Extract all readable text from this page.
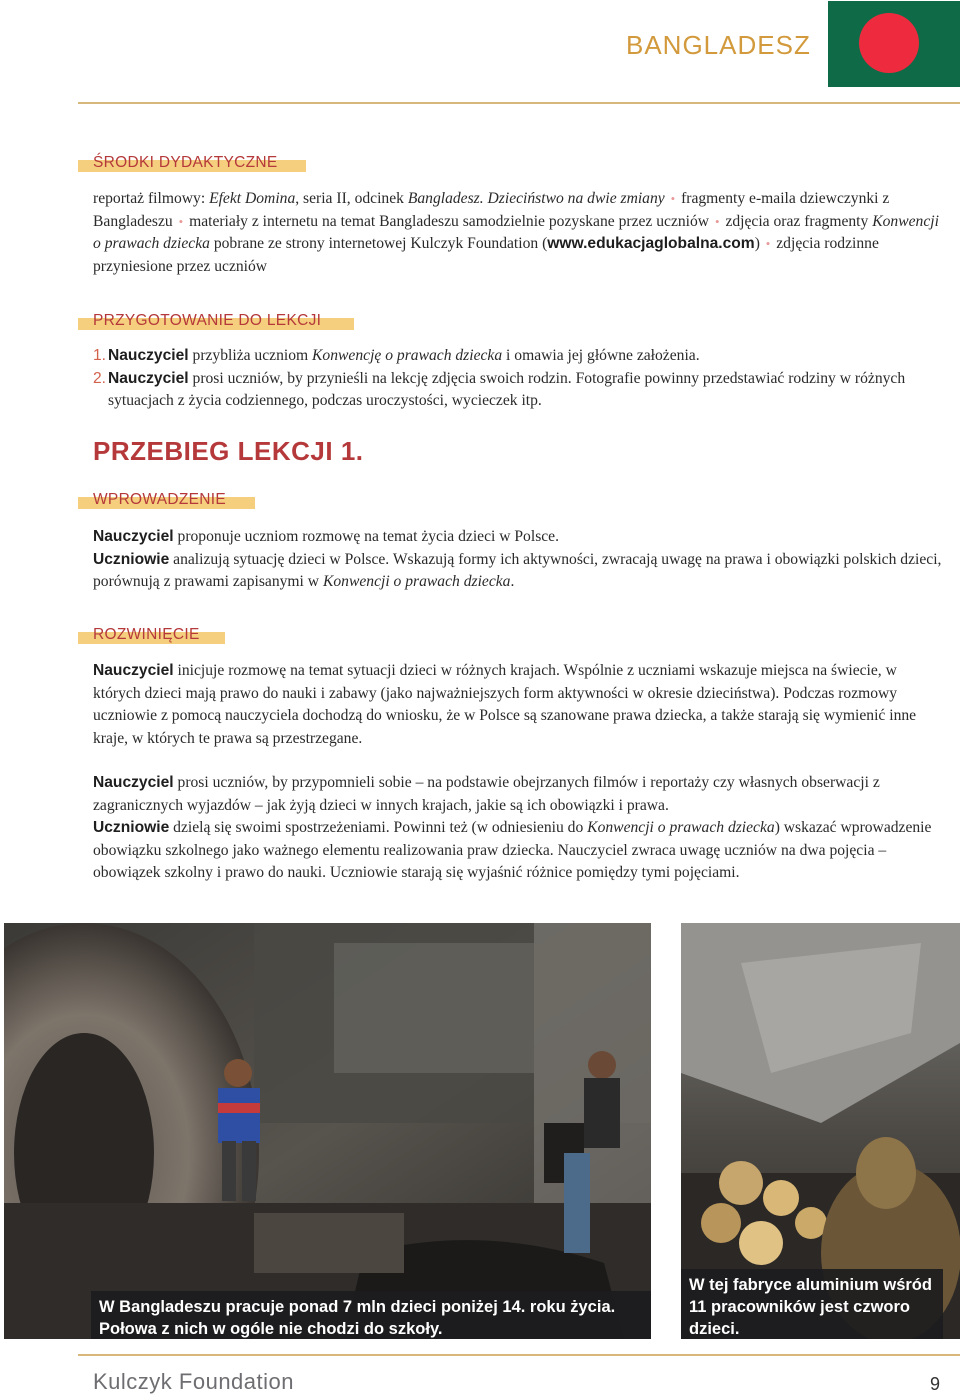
BANGLADESZ
ŚRODKI DYDAKTYCZNE

reportaż filmowy: Efekt Domina, seria II, odcinek Bangladesz. Dzieciństwo na dwie zmiany • fragmenty e-maila dziewczynki z Bangladeszu • materiały z internetu na temat Bangladeszu samodzielnie pozyskane przez uczniów • zdjęcia oraz fragmenty Konwencji o prawach dziecka pobrane ze strony internetowej Kulczyk Foundation (www.edukacjaglobalna.com) • zdjęcia rodzinne przyniesione przez uczniów

PRZYGOTOWANIE DO LEKCJI
1. Nauczyciel przybliża uczniom Konwencję o prawach dziecka i omawia jej główne założenia.
2. Nauczyciel prosi uczniów, by przynieśli na lekcję zdjęcia swoich rodzin. Fotografie powinny przedstawiać rodziny w różnych sytuacjach z życia codziennego, podczas uroczystości, wycieczek itp.
PRZEBIEG LEKCJI 1.
WPROWADZENIE

Nauczyciel proponuje uczniom rozmowę na temat życia dzieci w Polsce.
Uczniowie analizują sytuację dzieci w Polsce. Wskazują formy ich aktywności, zwracają uwagę na prawa i obowiązki polskich dzieci, porównują z prawami zapisanymi w Konwencji o prawach dziecka.

ROZWINIĘCIE

Nauczyciel inicjuje rozmowę na temat sytuacji dzieci w różnych krajach. Wspólnie z uczniami wskazuje miejsca na świecie, w których dzieci mają prawo do nauki i zabawy (jako najważniejszych form aktywności w okresie dzieciństwa). Podczas rozmowy uczniowie z pomocą nauczyciela dochodzą do wniosku, że w Polsce są szanowane prawa dziecka, a także starają się wymienić inne kraje, w których te prawa są przestrzegane.

Nauczyciel prosi uczniów, by przypomnieli sobie – na podstawie obejrzanych filmów i reportaży czy własnych obserwacji z zagranicznych wyjazdów – jak żyją dzieci w innych krajach, jakie są ich obowiązki i prawa.
Uczniowie dzielą się swoimi spostrzeżeniami. Powinni też (w odniesieniu do Konwencji o prawach dziecka) wskazać wprowadzenie obowiązku szkolnego jako ważnego elementu realizowania praw dziecka. Nauczyciel zwraca uwagę uczniów na dwa pojęcia – obowiązek szkolny i prawo do nauki. Uczniowie starają się wyjaśnić różnice pomiędzy tymi pojęciami.

W Bangladeszu pracuje ponad 7 mln dzieci poniżej 14. roku życia. Połowa z nich w ogóle nie chodzi do szkoły.
W tej fabryce aluminium wśród 11 pracowników jest czworo dzieci.
Kulczyk Foundation	9
